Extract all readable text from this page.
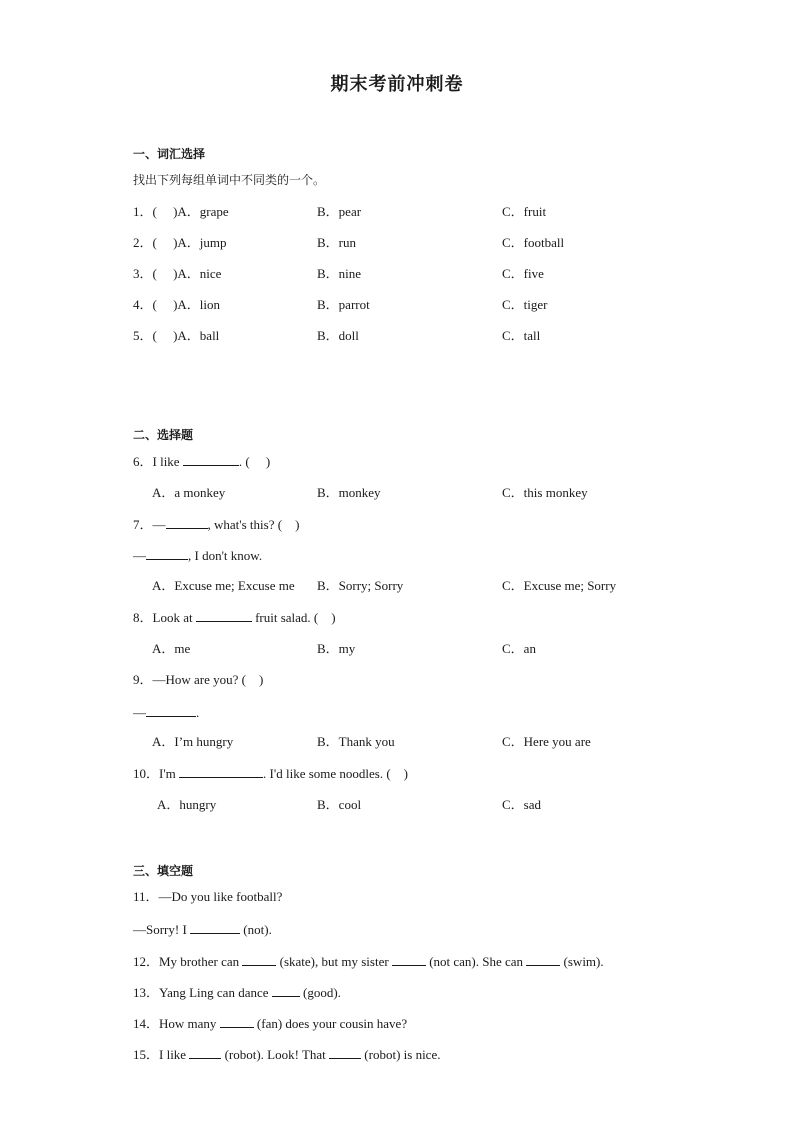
期末考前冲刺卷
一、词汇选择
找出下列每组单词中不同类的一个。
1．(　 )A．grape	B．pear	C．fruit
2．(　 )A．jump	B．run	C．football
3．(　 )A．nice	B．nine	C．five
4．(　 )A．lion	B．parrot	C．tiger
5．(　 )A．ball	B．doll	C．tall
二、选择题
6．I like	. (　 )
A．a monkey	B．monkey	C．this monkey
7．—	, what's this? (　)
—	, I don't know.
A．Excuse me; Excuse me B．Sorry; Sorry	C．Excuse me; Sorry
8．Look at	fruit salad. (　)
A．me	B．my	C．an
9．—How are you? (　)
—	.
A．I’m hungry	B．Thank you	C．Here you are
10．I'm	. I'd like some noodles. (　)
A．hungry	B．cool	C．sad
三、填空题
11．—Do you like football?
—Sorry! I	(not).
12．My brother can	(skate), but my sister	(not can). She can	(swim).
13．Yang Ling can dance  (good).
14．How many	(fan) does your cousin have?
15．I like  (robot). Look! That  (robot) is nice.
